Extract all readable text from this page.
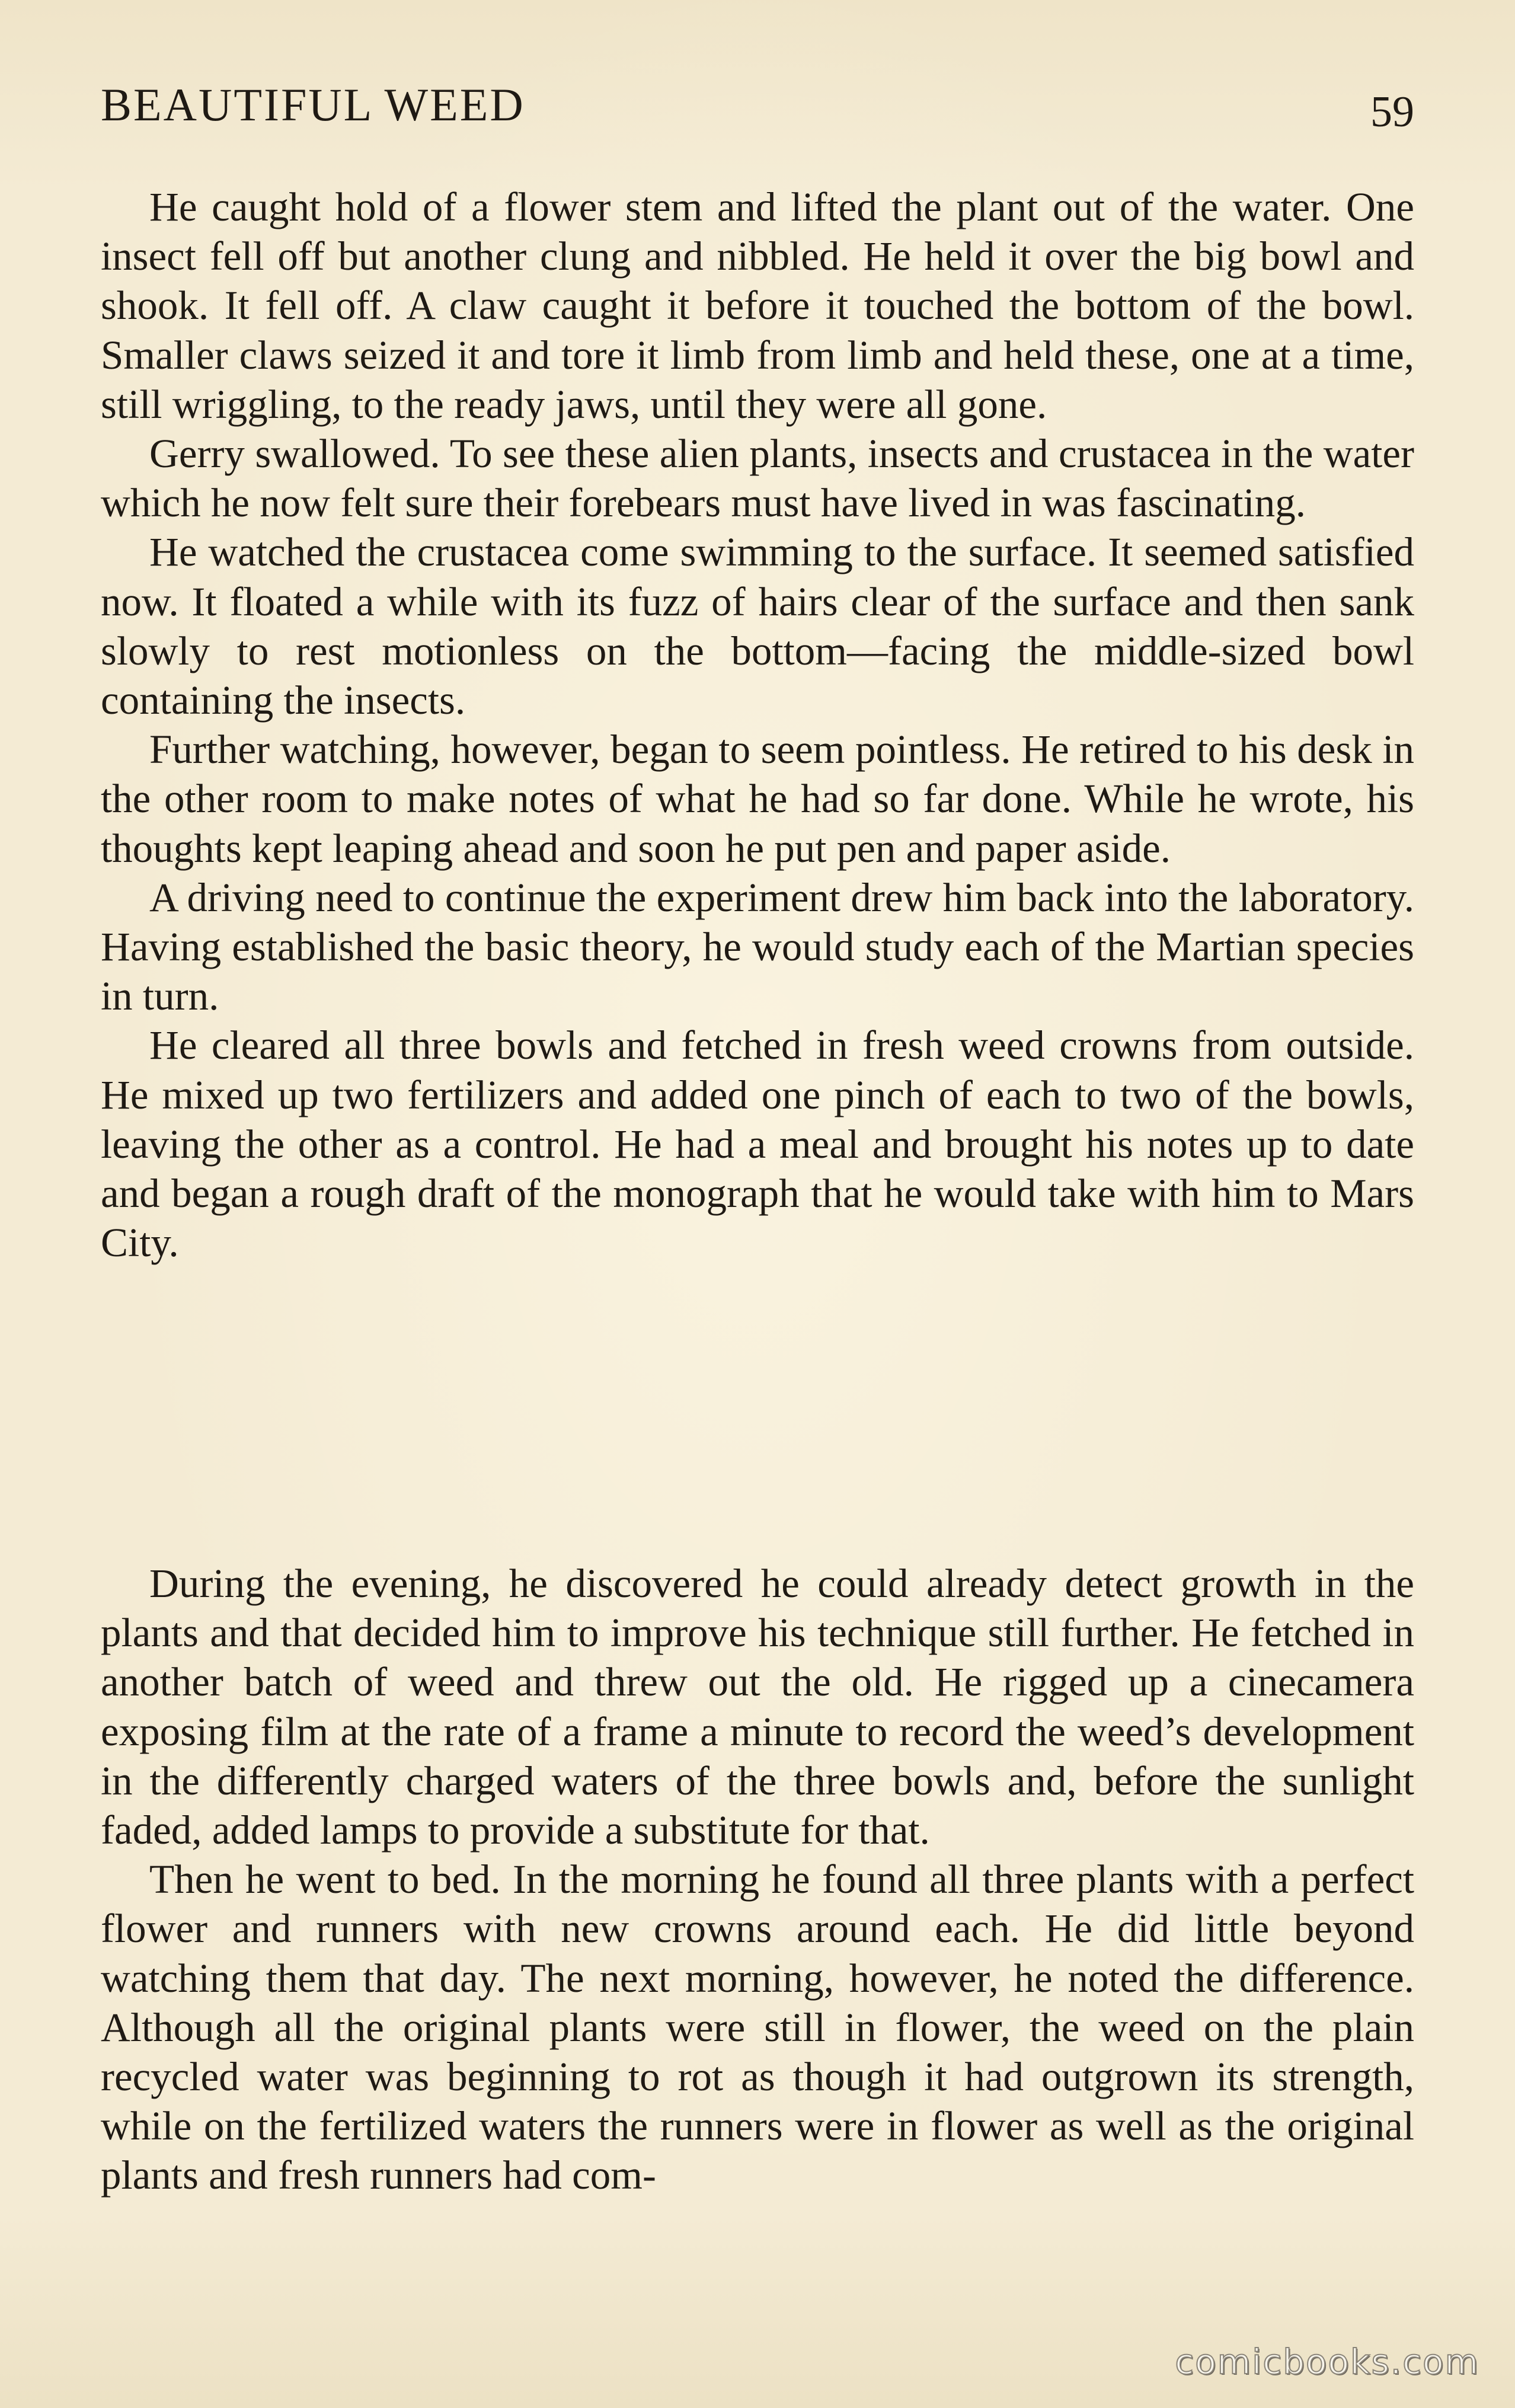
BEAUTIFUL WEED	59

He caught hold of a flower stem and lifted the plant out of the water. One insect fell off but another clung and nibbled. He held it over the big bowl and shook. It fell off. A claw caught it before it touched the bottom of the bowl. Smaller claws seized it and tore it limb from limb and held these, one at a time, still wriggling, to the ready jaws, until they were all gone.

Gerry swallowed. To see these alien plants, insects and crustacea in the water which he now felt sure their forebears must have lived in was fascinating.

He watched the crustacea come swimming to the surface. It seemed satisfied now. It floated a while with its fuzz of hairs clear of the surface and then sank slowly to rest motionless on the bottom—facing the middle-sized bowl containing the insects.

Further watching, however, began to seem pointless. He retired to his desk in the other room to make notes of what he had so far done. While he wrote, his thoughts kept leaping ahead and soon he put pen and paper aside.

A driving need to continue the experiment drew him back into the laboratory. Having established the basic theory, he would study each of the Martian species in turn.

He cleared all three bowls and fetched in fresh weed crowns from outside. He mixed up two fertilizers and added one pinch of each to two of the bowls, leaving the other as a control. He had a meal and brought his notes up to date and began a rough draft of the monograph that he would take with him to Mars City.

During the evening, he discovered he could already detect growth in the plants and that decided him to improve his technique still further. He fetched in another batch of weed and threw out the old. He rigged up a cinecamera exposing film at the rate of a frame a minute to record the weed’s development in the differently charged waters of the three bowls and, before the sunlight faded, added lamps to provide a substitute for that.

Then he went to bed. In the morning he found all three plants with a perfect flower and runners with new crowns around each. He did little beyond watching them that day. The next morning, however, he noted the difference. Although all the original plants were still in flower, the weed on the plain recycled water was beginning to rot as though it had outgrown its strength, while on the fertilized waters the runners were in flower as well as the original plants and fresh runners had com-

comicbooks.com
